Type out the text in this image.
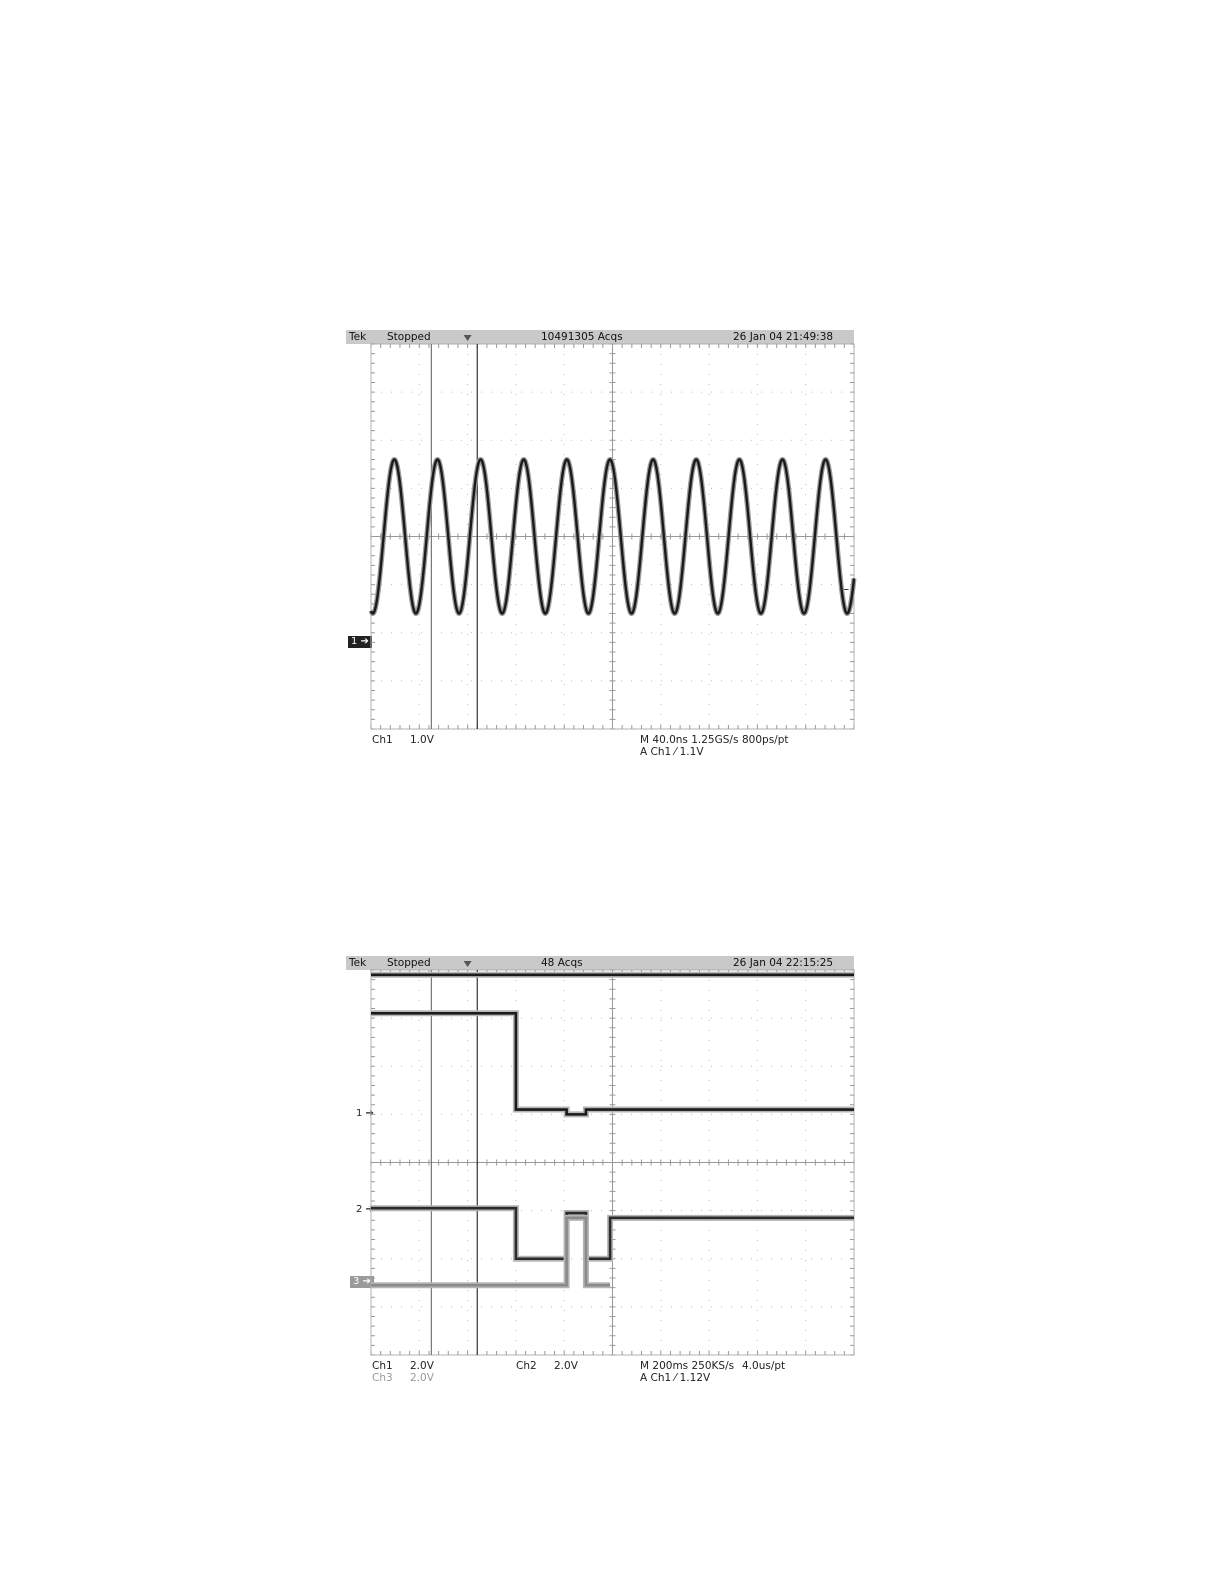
Tek Stopped	10491305 Acqs	26 Jan 04 21:49:38
1 ➔
←
Ch1 1.0V	M 40.0ns 1.25GS/s 800ps/pt
A Ch1 ⁄ 1.1V
Tek Stopped	48 Acqs	26 Jan 04 22:15:25
1 ➔
2 ➔
3 ➔
Ch1 2.0V	Ch2 2.0V
Ch3 2.0V
M 200ms 250KS/s 4.0us/pt
A Ch1 ⁄ 1.12V
